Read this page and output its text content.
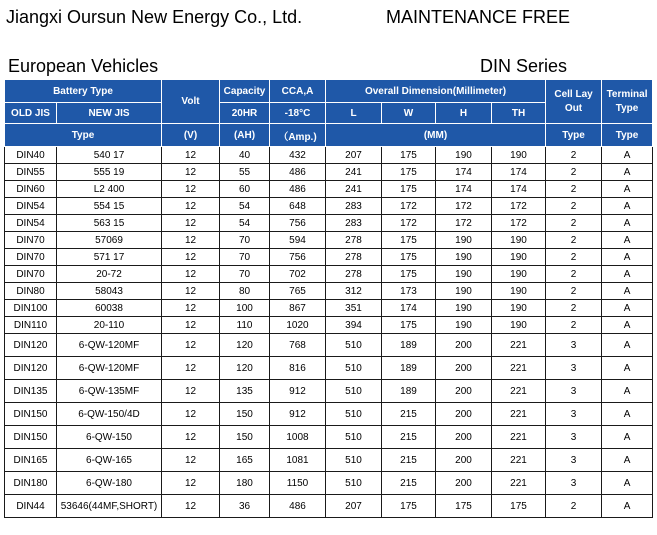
Jiangxi Oursun New Energy Co., Ltd.	MAINTENANCE FREE
European Vehicles	DIN Series
Battery Type		Volt	Capacity	CCA,A	Overall Dimension(Millimeter)				Cell Lay Out	Terminal Type
OLD JIS	NEW JIS		20HR	-18°C	L	W	H	TH		
Type		(V)	(AH)	（Amp.)	(MM)				Type	Type
DIN40	540 17	12	40	432	207	175	190	190	2	A
DIN55	555 19	12	55	486	241	175	174	174	2	A
DIN60	L2 400	12	60	486	241	175	174	174	2	A
DIN54	554 15	12	54	648	283	172	172	172	2	A
DIN54	563 15	12	54	756	283	172	172	172	2	A
DIN70	57069	12	70	594	278	175	190	190	2	A
DIN70	571 17	12	70	756	278	175	190	190	2	A
DIN70	20-72	12	70	702	278	175	190	190	2	A
DIN80	58043	12	80	765	312	173	190	190	2	A
DIN100	60038	12	100	867	351	174	190	190	2	A
DIN110	20-110	12	110	1020	394	175	190	190	2	A
DIN120	6-QW-120MF	12	120	768	510	189	200	221	3	A
DIN120	6-QW-120MF	12	120	816	510	189	200	221	3	A
DIN135	6-QW-135MF	12	135	912	510	189	200	221	3	A
DIN150	6-QW-150/4D	12	150	912	510	215	200	221	3	A
DIN150	6-QW-150	12	150	1008	510	215	200	221	3	A
DIN165	6-QW-165	12	165	1081	510	215	200	221	3	A
DIN180	6-QW-180	12	180	1150	510	215	200	221	3	A
DIN44	53646(44MF,SHORT)	12	36	486	207	175	175	175	2	A
